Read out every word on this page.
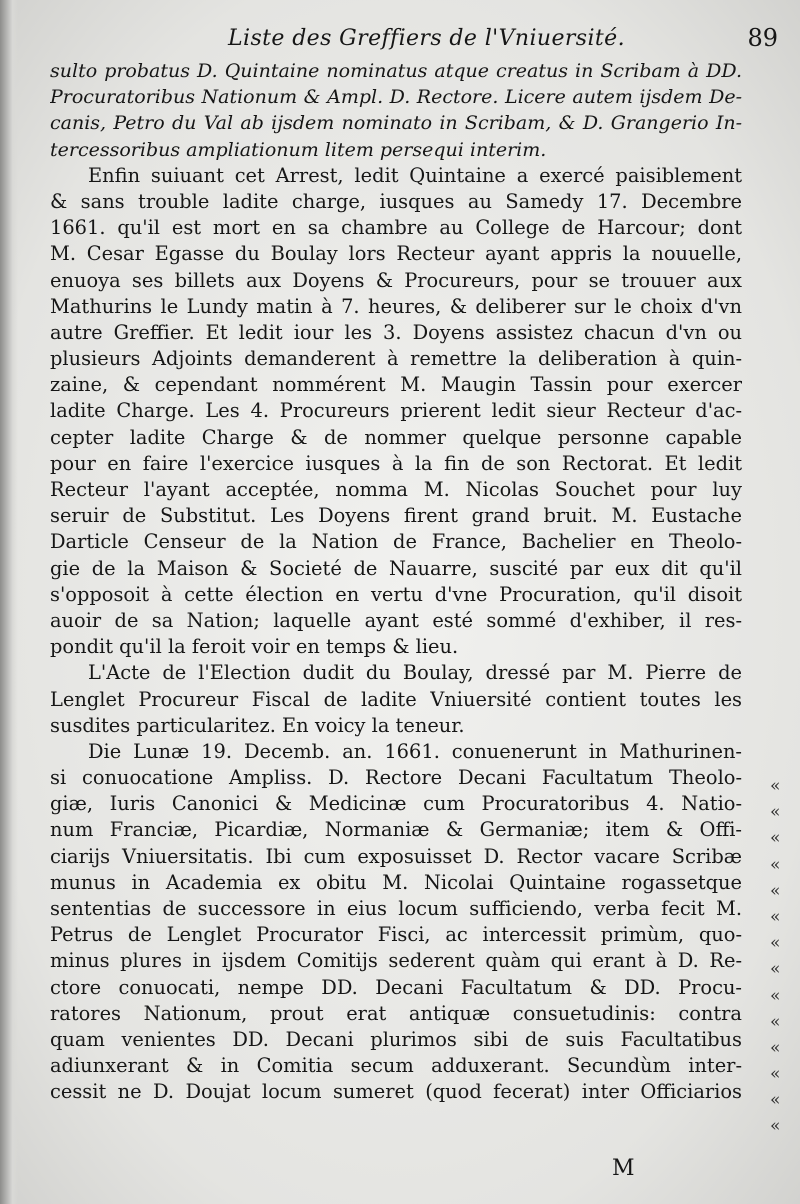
Liste des Greffiers de l'Vniuersité.	89
sulto probatus D. Quintaine nominatus atque creatus in Scribam à DD.
Procuratoribus Nationum & Ampl. D. Rectore. Licere autem ijsdem De-
canis, Petro du Val ab ijsdem nominato in Scribam, & D. Grangerio In-
tercessoribus ampliationum litem persequi interim.
Enfin suiuant cet Arrest, ledit Quintaine a exercé paisiblement
& sans trouble ladite charge, iusques au Samedy 17. Decembre
1661. qu'il est mort en sa chambre au College de Harcour; dont
M. Cesar Egasse du Boulay lors Recteur ayant appris la nouuelle,
enuoya ses billets aux Doyens & Procureurs, pour se trouuer aux
Mathurins le Lundy matin à 7. heures, & deliberer sur le choix d'vn
autre Greffier. Et ledit iour les 3. Doyens assistez chacun d'vn ou
plusieurs Adjoints demanderent à remettre la deliberation à quin-
zaine, & cependant nommérent M. Maugin Tassin pour exercer
ladite Charge. Les 4. Procureurs prierent ledit sieur Recteur d'ac-
cepter ladite Charge & de nommer quelque personne capable
pour en faire l'exercice iusques à la fin de son Rectorat. Et ledit
Recteur l'ayant acceptée, nomma M. Nicolas Souchet pour luy
seruir de Substitut. Les Doyens firent grand bruit. M. Eustache
Darticle Censeur de la Nation de France, Bachelier en Theolo-
gie de la Maison & Societé de Nauarre, suscité par eux dit qu'il
s'opposoit à cette élection en vertu d'vne Procuration, qu'il disoit
auoir de sa Nation; laquelle ayant esté sommé d'exhiber, il res-
pondit qu'il la feroit voir en temps & lieu.
L'Acte de l'Election dudit du Boulay, dressé par M. Pierre de
Lenglet Procureur Fiscal de ladite Vniuersité contient toutes les
susdites particularitez. En voicy la teneur.
Die Lunæ 19. Decemb. an. 1661. conuenerunt in Mathurinen-
si conuocatione Ampliss. D. Rectore Decani Facultatum Theolo-
giæ, Iuris Canonici & Medicinæ cum Procuratoribus 4. Natio-
num Franciæ, Picardiæ, Normaniæ & Germaniæ; item & Offi-
ciarijs Vniuersitatis. Ibi cum exposuisset D. Rector vacare Scribæ
munus in Academia ex obitu M. Nicolai Quintaine rogassetque
sententias de successore in eius locum sufficiendo, verba fecit M.
Petrus de Lenglet Procurator Fisci, ac intercessit primùm, quo-
minus plures in ijsdem Comitijs sederent quàm qui erant à D. Re-
ctore conuocati, nempe DD. Decani Facultatum & DD. Procu-
ratores Nationum, prout erat antiquæ consuetudinis: contra
quam venientes DD. Decani plurimos sibi de suis Facultatibus
adiunxerant & in Comitia secum adduxerant. Secundùm inter-
cessit ne D. Doujat locum sumeret (quod fecerat) inter Officiarios
«
«
«
«
«
«
«
«
«
«
«
«
«
«
M
